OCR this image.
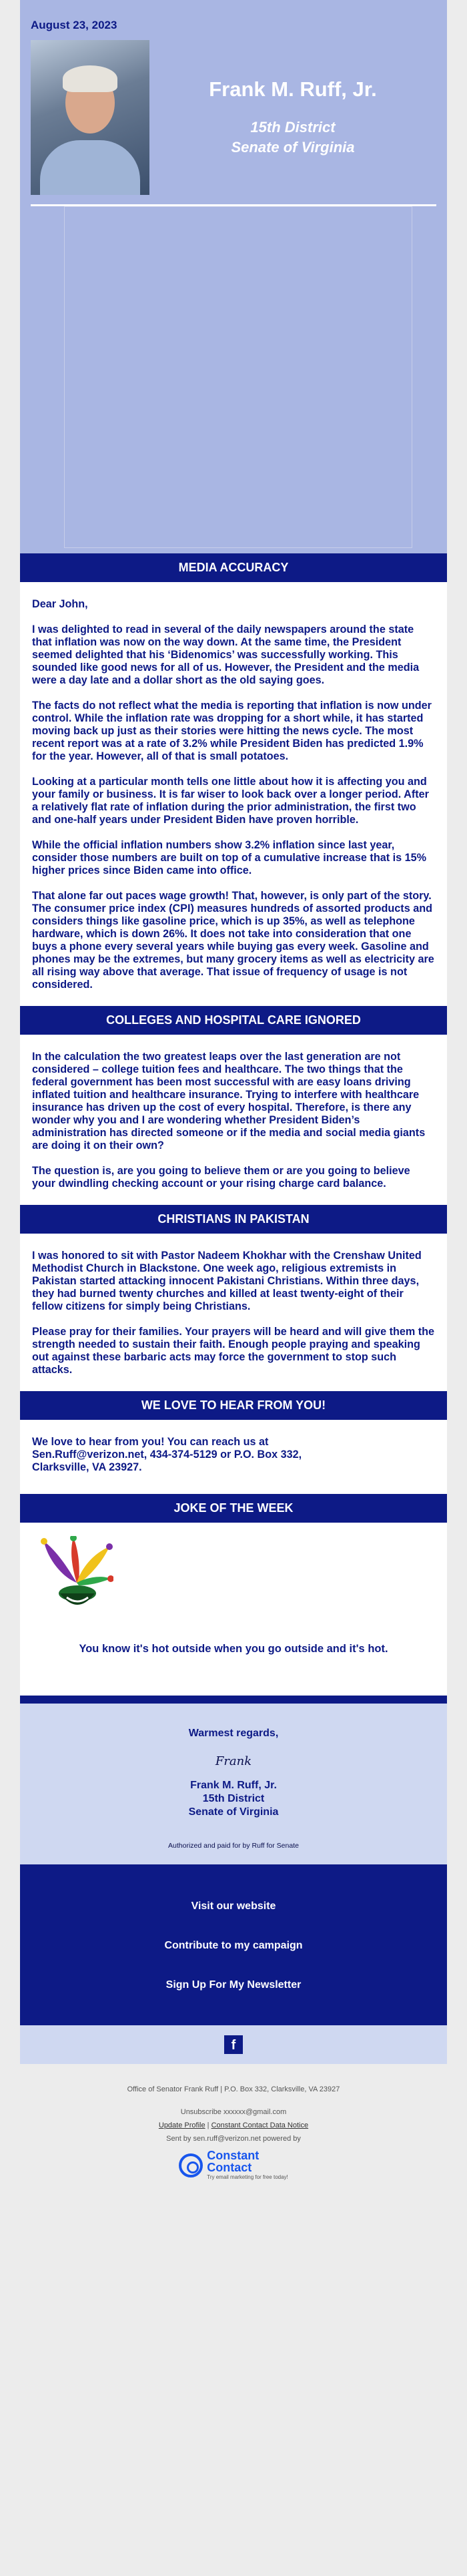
August 23, 2023
Frank M. Ruff, Jr.
15th District
Senate of Virginia
MEDIA ACCURACY

Dear John,

I was delighted to read in several of the daily newspapers around the state that inflation was now on the way down. At the same time, the President seemed delighted that his ‘Bidenomics’ was successfully working. This sounded like good news for all of us. However, the President and the media were a day late and a dollar short as the old saying goes.

The facts do not reflect what the media is reporting that inflation is now under control. While the inflation rate was dropping for a short while, it has started moving back up just as their stories were hitting the news cycle. The most recent report was at a rate of 3.2% while President Biden has predicted 1.9% for the year. However, all of that is small potatoes.

Looking at a particular month tells one little about how it is affecting you and your family or business. It is far wiser to look back over a longer period. After a relatively flat rate of inflation during the prior administration, the first two and one-half years under President Biden have proven horrible.

While the official inflation numbers show 3.2% inflation since last year, consider those numbers are built on top of a cumulative increase that is 15% higher prices since Biden came into office.

That alone far out paces wage growth! That, however, is only part of the story. The consumer price index (CPI) measures hundreds of assorted products and considers things like gasoline price, which is up 35%, as well as telephone hardware, which is down 26%. It does not take into consideration that one buys a phone every several years while buying gas every week. Gasoline and phones may be the extremes, but many grocery items as well as electricity are all rising way above that average. That issue of frequency of usage is not considered.

COLLEGES AND HOSPITAL CARE IGNORED

In the calculation the two greatest leaps over the last generation are not considered – college tuition fees and healthcare. The two things that the federal government has been most successful with are easy loans driving inflated tuition and healthcare insurance. Trying to interfere with healthcare insurance has driven up the cost of every hospital. Therefore, is there any wonder why you and I are wondering whether President Biden’s administration has directed someone or if the media and social media giants are doing it on their own?

The question is, are you going to believe them or are you going to believe your dwindling checking account or your rising charge card balance.

CHRISTIANS IN PAKISTAN

I was honored to sit with Pastor Nadeem Khokhar with the Crenshaw United Methodist Church in Blackstone. One week ago, religious extremists in Pakistan started attacking innocent Pakistani Christians. Within three days, they had burned twenty churches and killed at least twenty-eight of their fellow citizens for simply being Christians.

Please pray for their families. Your prayers will be heard and will give them the strength needed to sustain their faith. Enough people praying and speaking out against these barbaric acts may force the government to stop such attacks.

WE LOVE TO HEAR FROM YOU!
We love to hear from you! You can reach us at
Sen.Ruff@verizon.net, 434-374-5129 or P.O. Box 332,
Clarksville, VA 23927.
JOKE OF THE WEEK
You know it's hot outside when you go outside and it's hot.
Warmest regards,
Frank
Frank M. Ruff, Jr.
15th District
Senate of Virginia
Authorized and paid for by Ruff for Senate
Visit our website
Contribute to my campaign
Sign Up For My Newsletter
f
Office of Senator Frank Ruff | P.O. Box 332, Clarksville, VA 23927
Unsubscribe xxxxxx@gmail.com
Update Profile | Constant Contact Data Notice
Sent by sen.ruff@verizon.net powered by
Constant
Contact
Try email marketing for free today!
